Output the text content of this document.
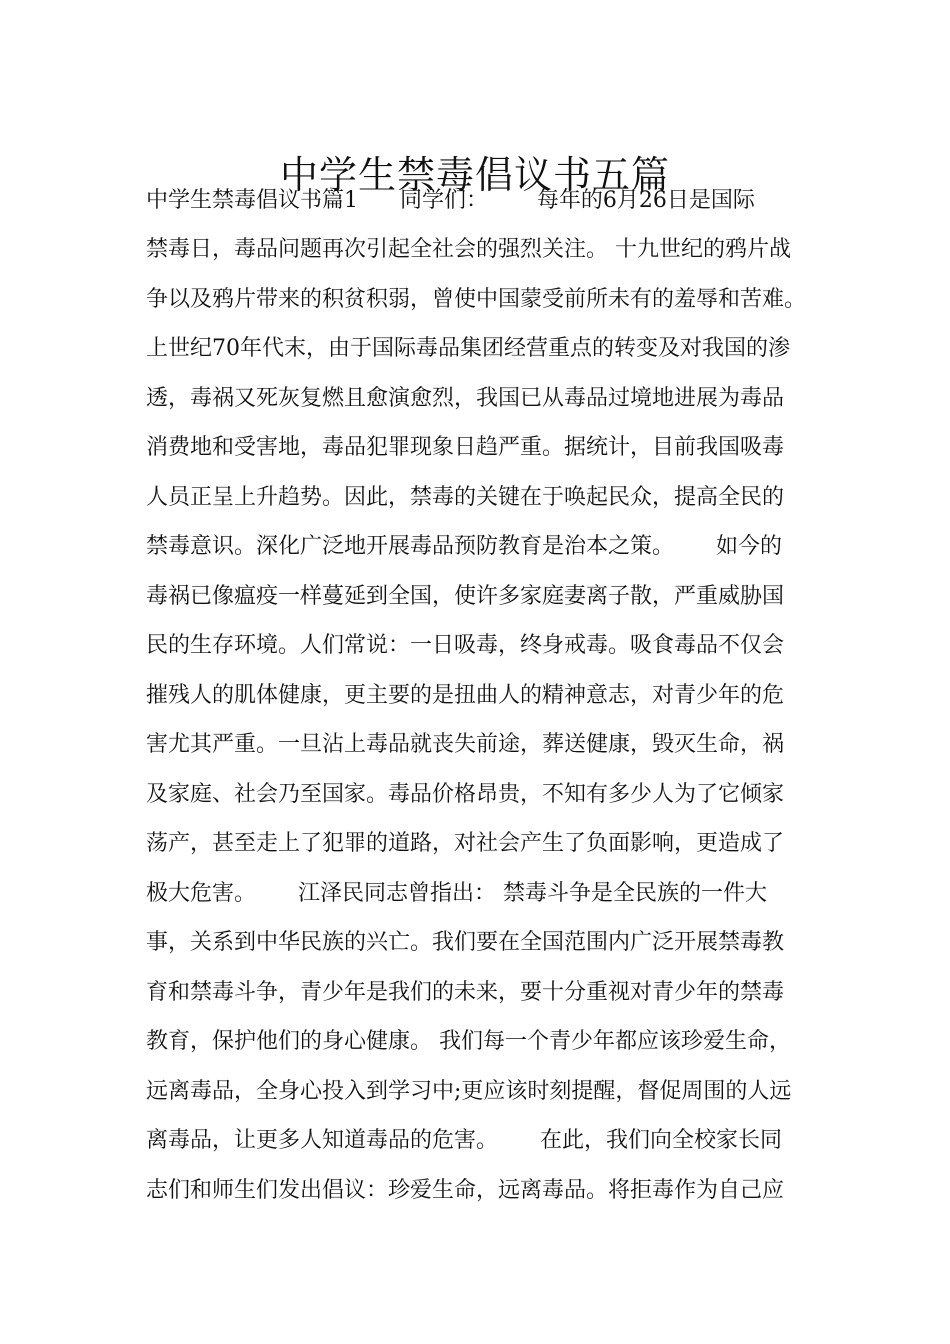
中学生禁毒倡议书五篇
中学生禁毒倡议书篇1      同学们：       每年的6月26日是国际
禁毒日，毒品问题再次引起全社会的强烈关注。 十九世纪的鸦片战
争以及鸦片带来的积贫积弱，曾使中国蒙受前所未有的羞辱和苦难。
上世纪70年代末，由于国际毒品集团经营重点的转变及对我国的渗
透，毒祸又死灰复燃且愈演愈烈，我国已从毒品过境地进展为毒品
消费地和受害地，毒品犯罪现象日趋严重。据统计，目前我国吸毒
人员正呈上升趋势。因此，禁毒的关键在于唤起民众，提高全民的
禁毒意识。深化广泛地开展毒品预防教育是治本之策。      如今的
毒祸已像瘟疫一样蔓延到全国，使许多家庭妻离子散，严重威胁国
民的生存环境。人们常说：一日吸毒，终身戒毒。吸食毒品不仅会
摧残人的肌体健康，更主要的是扭曲人的精神意志，对青少年的危
害尤其严重。一旦沾上毒品就丧失前途，葬送健康，毁灭生命，祸
及家庭、社会乃至国家。毒品价格昂贵，不知有多少人为了它倾家
荡产，甚至走上了犯罪的道路，对社会产生了负面影响，更造成了
极大危害。      江泽民同志曾指出： 禁毒斗争是全民族的一件大
事，关系到中华民族的兴亡。我们要在全国范围内广泛开展禁毒教
育和禁毒斗争，青少年是我们的未来，要十分重视对青少年的禁毒
教育，保护他们的身心健康。 我们每一个青少年都应该珍爱生命，
远离毒品，全身心投入到学习中;更应该时刻提醒，督促周围的人远
离毒品，让更多人知道毒品的危害。      在此，我们向全校家长同
志们和师生们发出倡议：珍爱生命，远离毒品。将拒毒作为自己应
